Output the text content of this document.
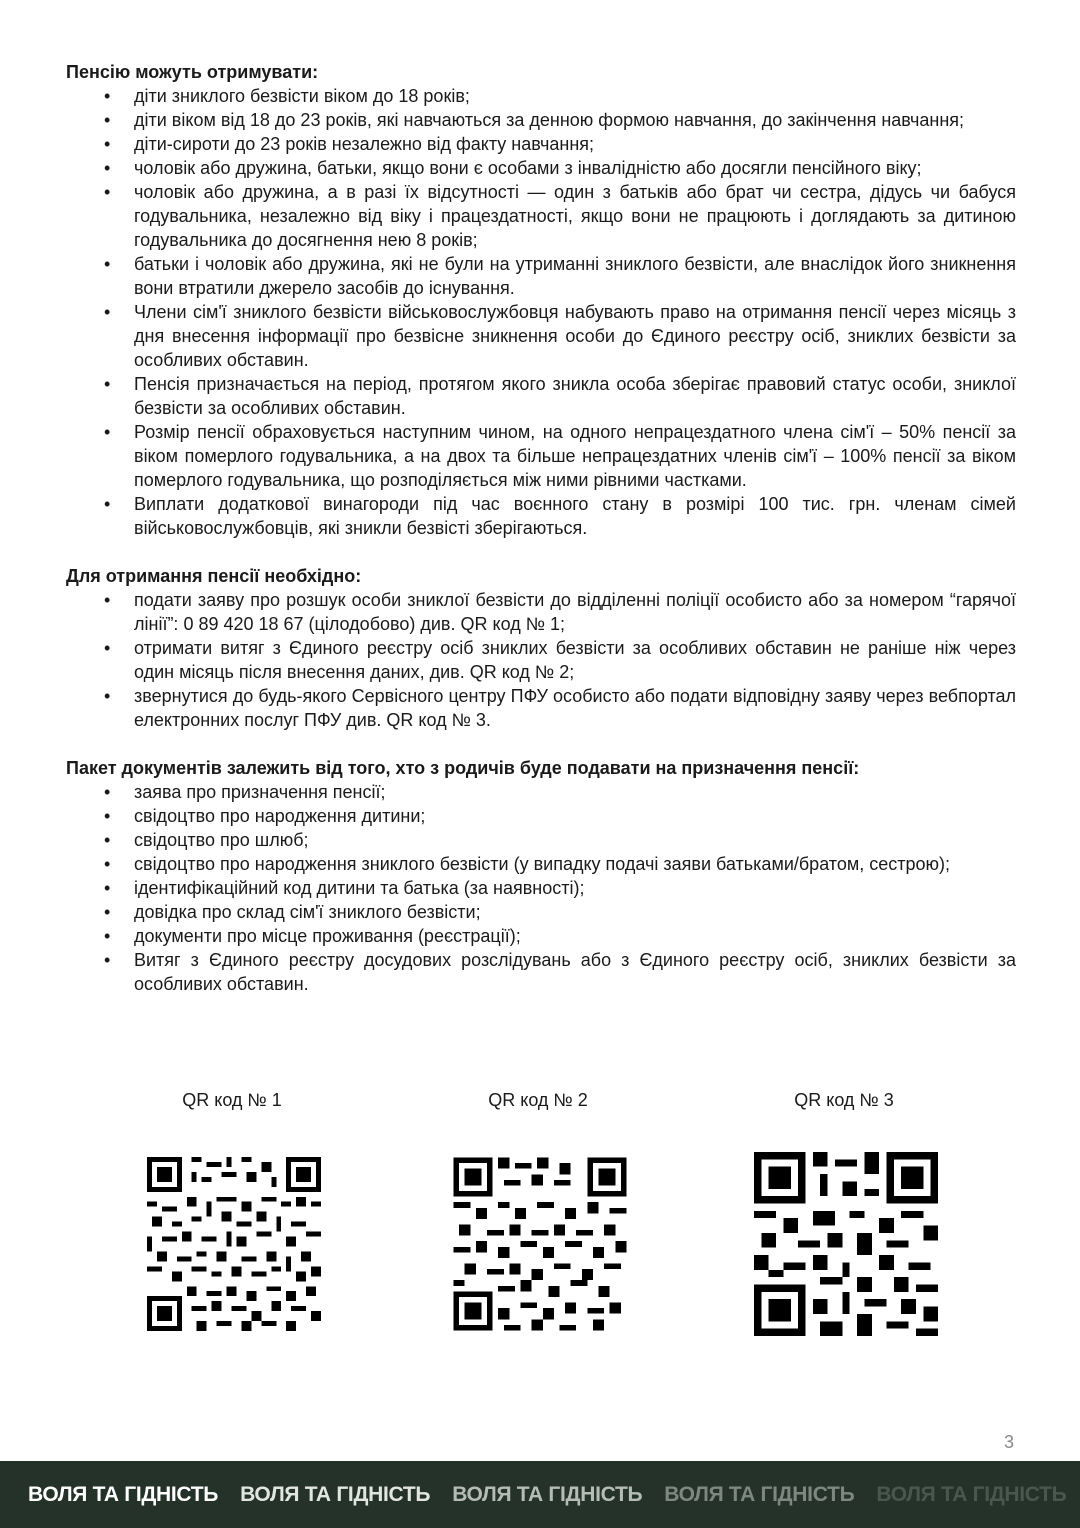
Пенсію можуть отримувати:

• діти зниклого безвісти віком до 18 років;
• діти віком від 18 до 23 років, які навчаються за денною формою навчання, до закінчення навчання;
• діти-сироти до 23 років незалежно від факту навчання;
• чоловік або дружина, батьки, якщо вони є особами з інвалідністю або досягли пенсійного віку;
• чоловік або дружина, а в разі їх відсутності — один з батьків або брат чи сестра, дідусь чи бабуся годувальника, незалежно від віку і працездатності, якщо вони не працюють і доглядають за дитиною годувальника до досягнення нею 8 років;
• батьки і чоловік або дружина, які не були на утриманні зниклого безвісти, але внаслідок його зникнення вони втратили джерело засобів до існування.
• Члени сім'ї зниклого безвісти військовослужбовця набувають право на отримання пенсії через місяць з дня внесення інформації про безвісне зникнення особи до Єдиного реєстру осіб, зниклих безвісти за особливих обставин.
• Пенсія призначається на період, протягом якого зникла особа зберігає правовий статус особи, зниклої безвісти за особливих обставин.
• Розмір пенсії обраховується наступним чином, на одного непрацездатного члена сім'ї – 50% пенсії за віком померлого годувальника, а на двох та більше непрацездатних членів сім'ї – 100% пенсії за віком померлого годувальника, що розподіляється між ними рівними частками.
• Виплати додаткової винагороди під час воєнного стану в розмірі 100 тис. грн. членам сімей військовослужбовців, які зникли безвісті зберігаються.

Для отримання пенсії необхідно:

• подати заяву про розшук особи зниклої безвісти до відділенні поліції особисто або за номером “гарячої лінії”: 0 89 420 18 67 (цілодобово) див. QR код № 1;
• отримати витяг з Єдиного реєстру осіб зниклих безвісти за особливих обставин не раніше ніж через один місяць після внесення даних, див. QR код № 2;
• звернутися до будь-якого Сервісного центру ПФУ особисто або подати відповідну заяву через вебпортал електронних послуг ПФУ див. QR код № 3.

Пакет документів залежить від того, хто з родичів буде подавати на призначення пенсії:

• заява про призначення пенсії;
• свідоцтво про народження дитини;
• свідоцтво про шлюб;
• свідоцтво про народження зниклого безвісти (у випадку подачі заяви батьками/братом, сестрою);
• ідентифікаційний код дитини та батька (за наявності);
• довідка про склад сім'ї зниклого безвісти;
• документи про місце проживання (реєстрації);
• Витяг з Єдиного реєстру досудових розслідувань або з Єдиного реєстру осіб, зниклих безвісти за особливих обставин.
QR код № 1	QR код № 2	QR код № 3
3
ВОЛЯ ТА ГІДНІСТЬ ВОЛЯ ТА ГІДНІСТЬ ВОЛЯ ТА ГІДНІСТЬ ВОЛЯ ТА ГІДНІСТЬ ВОЛЯ ТА ГІДНІСТЬ
